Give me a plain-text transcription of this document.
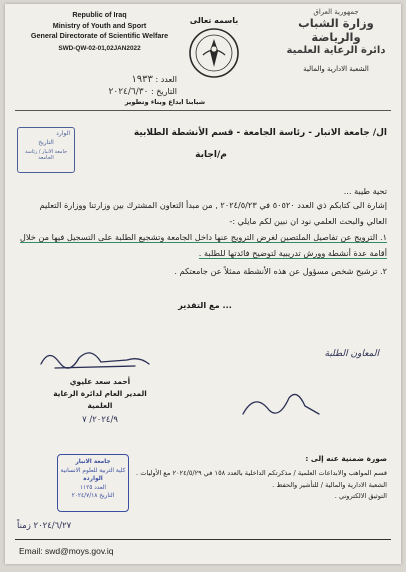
Republic of Iraq
Ministry of Youth and Sport
General Directorate of Scientific Welfare
SWD-QW-02-01,02JAN2022
جمهورية العراق
وزارة الشباب والرياضة
دائرة الرعاية العلمية
الشعبة الادارية والمالية
باسمه تعالى
العدد : ١٩٣٣
التاريخ : ٢٠٢٤/٦/٣٠
شبابنا ابداع وبناء وتطوير
الوارد
التاريخ
جامعة الانبار / رئاسة الجامعة
ال/ جامعة الانبار - رئاسة الجامعة - قسم الأنشطة الطلابية
م/اجابة
تحية طيبة ...
إشارة الى كتابكم ذي العدد ٥٠٥٢٠ في ٢٠٢٤/٥/٢٣ , من مبدأ التعاون المشترك بين وزارتنا ووزارة التعليم العالي والبحث العلمي نود ان نبين لكم مايلي :-
١. الترويج عن تفاصيل الملتصين لغرض الترويج عنها داخل الجامعة وتشجيع الطلبة على التسجيل فيها من خلال أقامة عدة أنشطة وورش تدريبية لتوضيح فائدتها للطلبة .
٢. ترشيح شخص مسؤول عن هذه الأنشطة ممثلاً عن جامعتكم .
... مع التقدير
أحمد سعد عليوي
المدير العام لدائرة الرعاية العلمية
٢٠٢٤/٩/ ٧
المعاون الطلبة
جامعة الانبار
كلية التربية للعلوم الانسانية
الواردة
العدد ١١٢٥
التاريخ ٢٠٢٤/٧/١٨
صورة ضمنية عنه إلى :
قسم المواهب والابداعات العلمية / مذكرتكم الداخلية بالعدد ١٥٨ في ٢٠٢٤/٥/٢٩ مع الأوليات .
الشعبة الادارية والمالية / للتأشير والحفظ .
التوثيق الالكتروني .
٢٠٢٤/٦/٢٧ زمناً
Email: swd@moys.gov.iq
